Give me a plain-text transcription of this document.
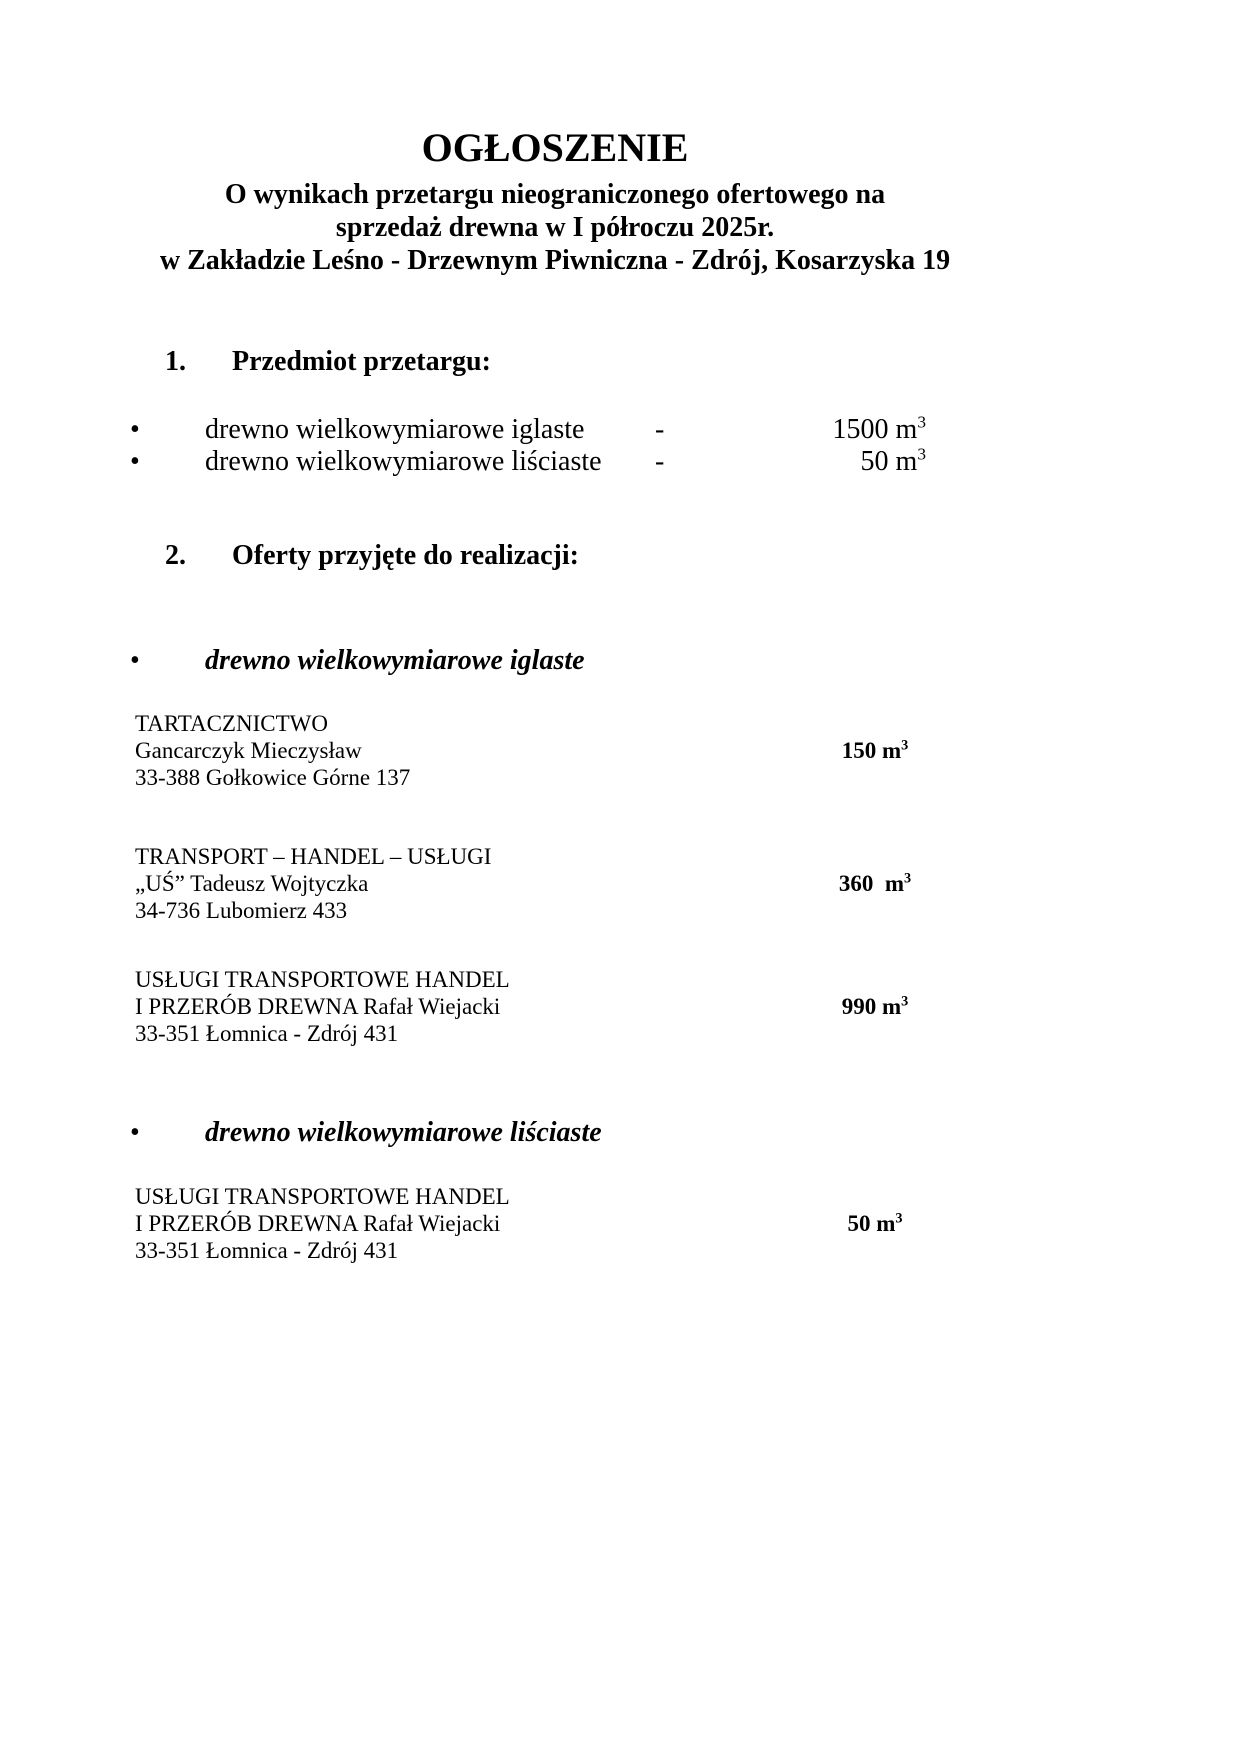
OGŁOSZENIE
O wynikach przetargu nieograniczonego ofertowego na
sprzedaż drewna w I półroczu 2025r.
w Zakładzie Leśno - Drzewnym Piwniczna - Zdrój, Kosarzyska 19
1. Przedmiot przetargu:
•	drewno wielkowymiarowe iglaste	-	1500 $m^3$
•	drewno wielkowymiarowe liściaste	-	50 $m^3$
2. Oferty przyjęte do realizacji:
•	drewno wielkowymiarowe iglaste
TARTACZNICTWO
Gancarczyk Mieczysław
33-388 Gołkowice Górne 137
150 $m^3$
TRANSPORT – HANDEL – USŁUGI
„UŚ” Tadeusz Wojtyczka
34-736 Lubomierz 433
360  $m^3$
USŁUGI TRANSPORTOWE HANDEL
I PRZERÓB DREWNA Rafał Wiejacki
33-351 Łomnica - Zdrój 431
990 $m^3$
•	drewno wielkowymiarowe liściaste
USŁUGI TRANSPORTOWE HANDEL
I PRZERÓB DREWNA Rafał Wiejacki
33-351 Łomnica - Zdrój 431
50 $m^3$
